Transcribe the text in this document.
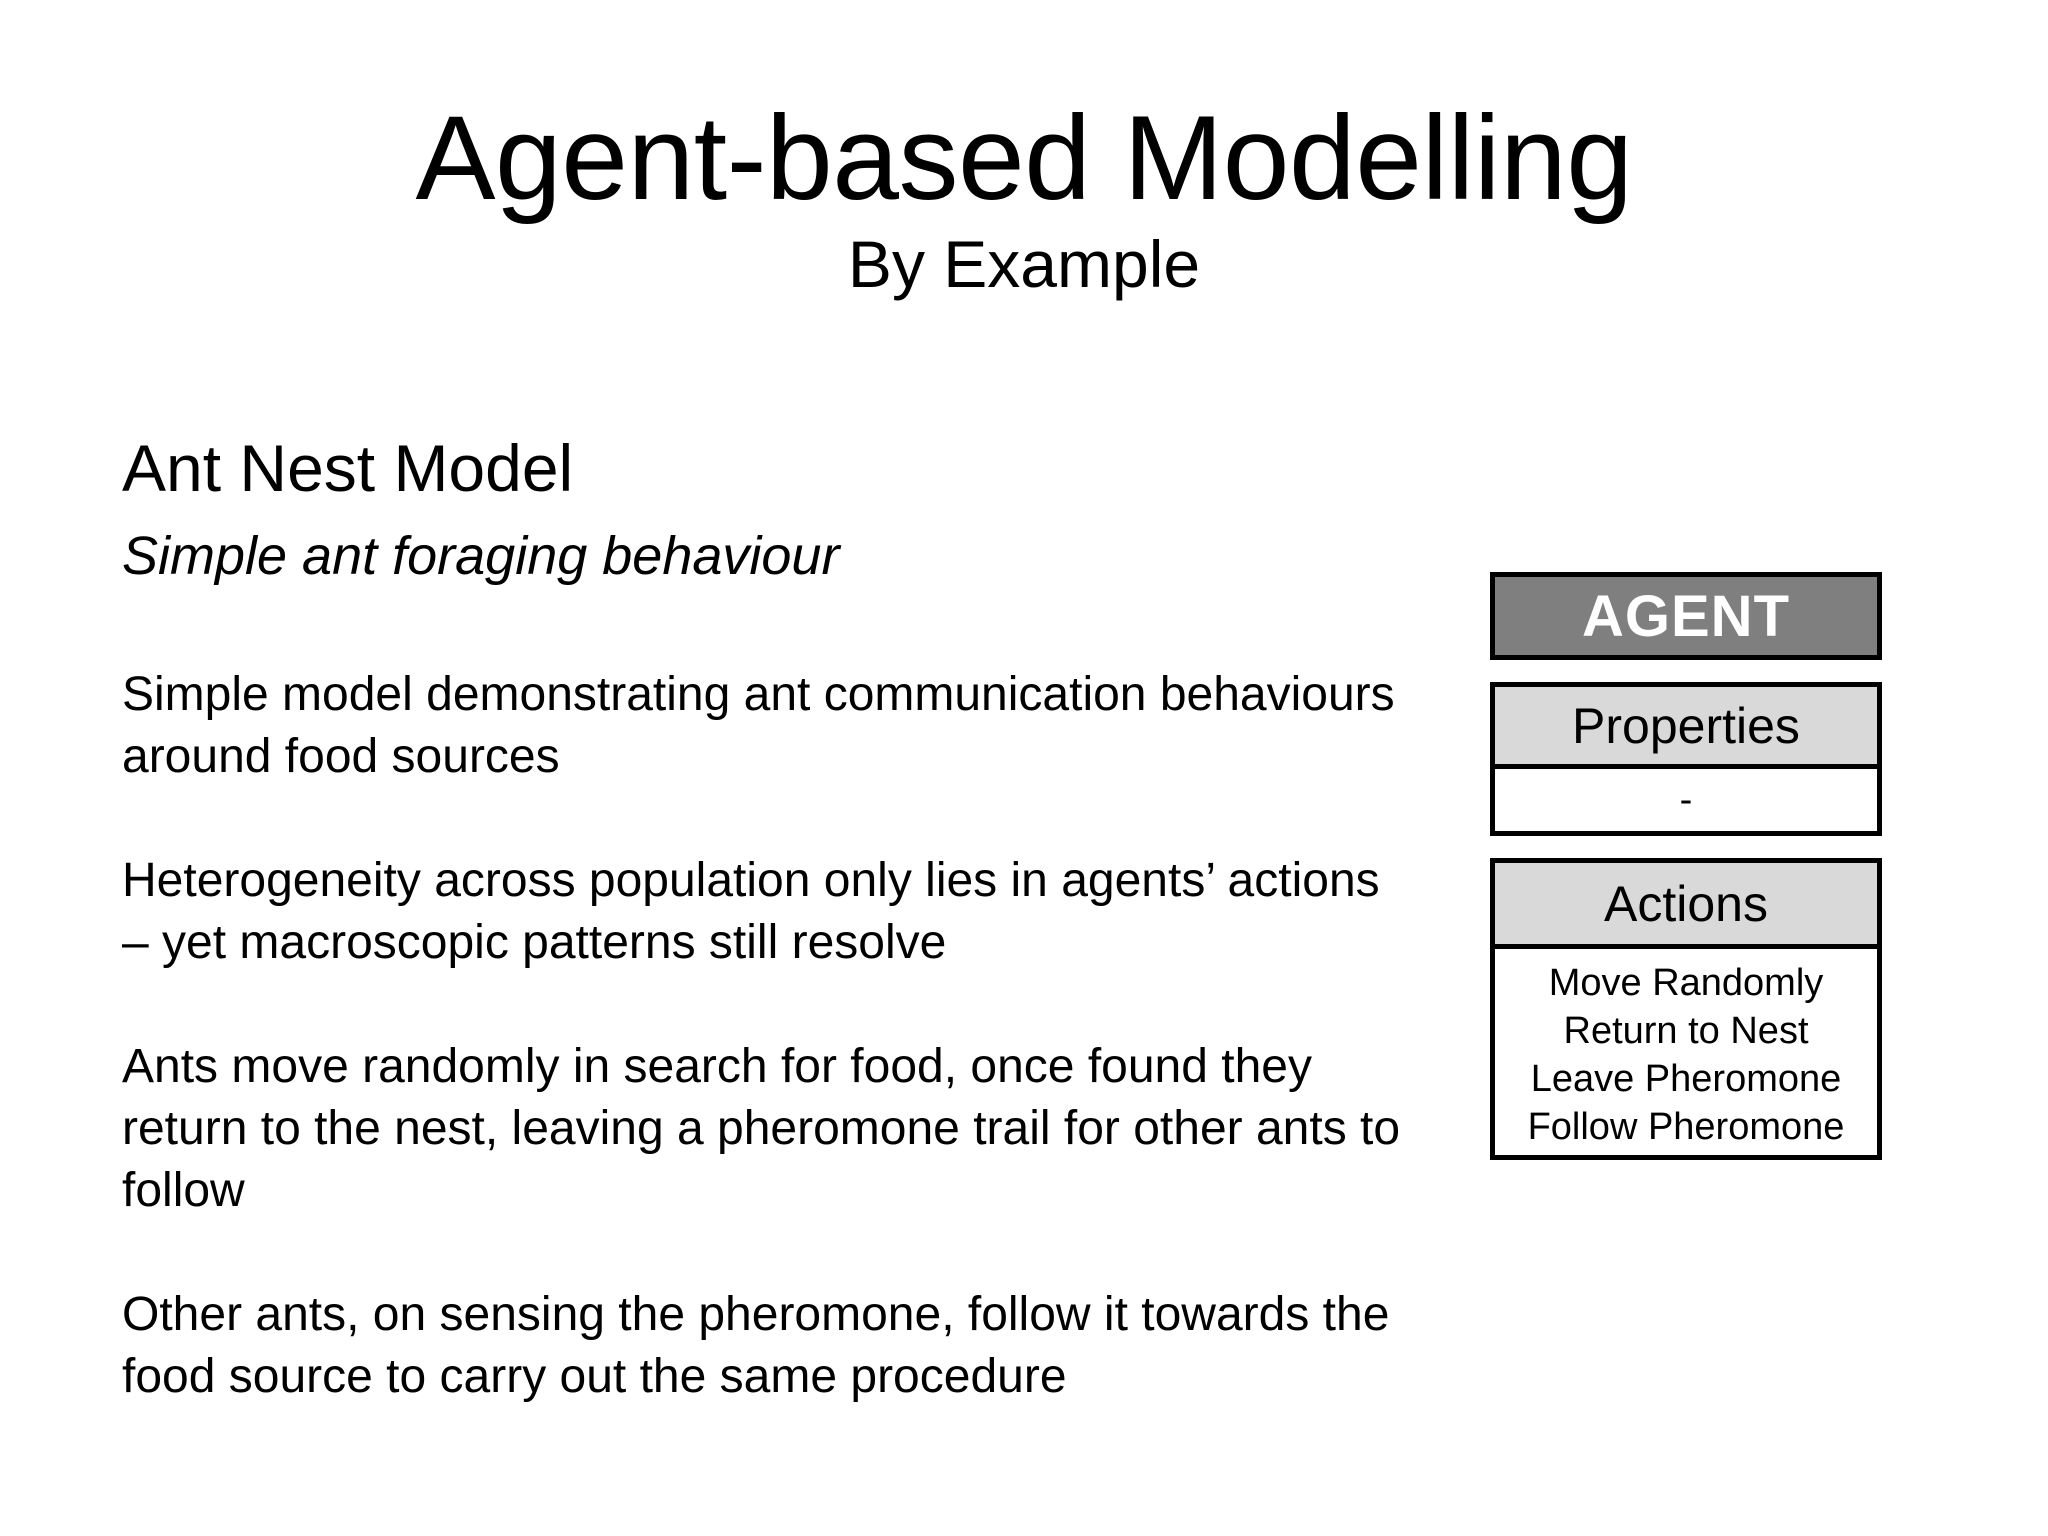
Agent-based Modelling
By Example
Ant Nest Model

Simple ant foraging behaviour

Simple model demonstrating ant communication behaviours around food sources

Heterogeneity across population only lies in agents’ actions – yet macroscopic patterns still resolve

Ants move randomly in search for food, once found they return to the nest, leaving a pheromone trail for other ants to follow

Other ants, on sensing the pheromone, follow it towards the food source to carry out the same procedure

AGENT
Properties
-
Actions
Move Randomly
Return to Nest
Leave Pheromone
Follow Pheromone
